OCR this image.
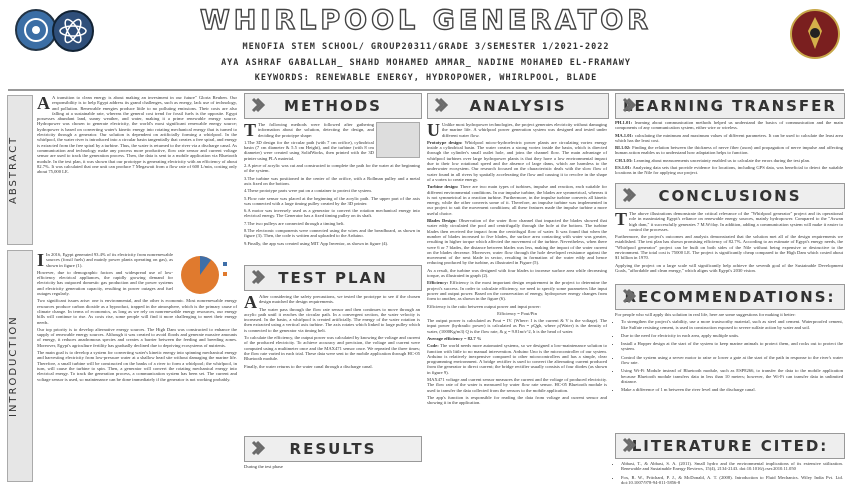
WHIRLPOOL GENERATOR
MENOFIA STEM SCHOOL/ GROUP20311/GRADE 3/SEMESTER 1/2021-2022
AYA ASHRAF GABALLAH_ SHAHD MOHAMED AMMAR_ NADINE MOHAMED EL-FRAMAWY
KEYWORDS: RENEWABLE ENERGY, HYDROPOWER, WHIRLPOOL, BLADE
ABSTRACT
INTRODUCTION

A A transition to clean energy is about making an investment in our future" Gloria Reuben. Our responsibility is to help Egypt address its grand challenges, such as energy, lack use of technology, and pollution. Renewable energies produce little to no polluting emissions. Their costs are also falling at a sustainable rate, whereas the general cost trend for fossil fuels is the opposite. Egypt possesses abundant land, sunny weather, and water, making it a prime renewable energy source. Hydropower was chosen to generate electricity, the world's most significant renewable energy source; hydropower is based on converting water's kinetic energy into rotating mechanical energy that is turned to electricity through a generator. Our solution is dependent on artificially forming a whirlpool. In the whirlpool, the water river is introduced into a circular basin tangentially that creates a free spiral, and energy is extracted from the free spiral by a turbine. Thus, the water is returned to the river via a discharge canal. As communication and technology make any process more productive, flow rate sensor and current voltage sensor are used to track the generation process. Then, the data is sent to a mobile application via Bluetooth module. In the test plan, it was shown that our prototype is generating electricity with an efficiency of about 82.7%. It was calculated that one unit can produce 7 Megawatt from a flow rate of 600 L/min, costing only about 75,000 LE.

I In 2016, Egypt generated 93.4% of its electricity from nonrenewable sources (fossil fuels) and mainly power plants operating on gas), as shown in figure (1).

However, due to demographic factors and widespread use of low-efficiency electrical appliances, the rapidly growing demand for electricity has outpaced domestic gas production and the power systems and electricity generation capacity, resulting in power outages and fuel outages regularly.

Two significant issues arise: one is environmental, and the other is economic. Most nonrenewable energy resources produce carbon dioxide as a byproduct, trapped in the atmosphere, which is the primary cause of climate change. In terms of economics, as long as we rely on nonrenewable energy resources, our energy bills will continue to rise. As costs rise, some people will find it more challenging to meet their energy needs.

Our top priority is to develop alternative energy sources. The High Dam was constructed to enhance the supply of renewable energy sources. Although it was created to avoid floods and generate massive amounts of energy, it reduces anadromous species and creates a barrier between the feeding and breeding zones. Moreover, Egypt's agriculture fertility has gradually declined due to depriving ecosystems of nutrients.

The main goal is to develop a system for converting water's kinetic energy into spinning mechanical energy and harvesting electricity from low-pressure water at a shallow head site without damaging the marine life. Therefore, a small turbine will be constructed on the banks of a river to form a whirlpool; the whirlpool, in turn, will cause the turbine to spin. Then, a generator will convert the rotating mechanical energy into electrical energy. To track the generation process, a communication system has been set. The current and voltage sensor is used, so maintenance can be done immediately if the generator is not working probably.

METHODS

T The following methods were followed after gathering information about the solution, detecting the design, and deciding the prototype shape:

1.The 3D design for the circular path (with 7 cm orifice), cylindrical basin (7 cm diameter & 5.5 cm Height), and the turbine (with 8 cm diameter) were created using SolidWorks, then printed with the 3D printer using PLA material.

2.A piece of acrylic was cut and constructed to complete the path for the water at the beginning of the system.

3.The turbine was positioned in the center of the orifice, with a Rollman pulley and a metal axis fixed on the bottom.

4.These prototype parts were put on a container to protect the system.

5.Flow rate sensor was placed at the beginning of the acrylic path. The upper part of the axis was connected with a large timing pulley created by the 3D printer.

6.A motor was inversely used as a generator to convert the rotation mechanical energy into electrical energy. The Generator has a fixed timing pulley on its shaft.

7.The two pulleys are connected through a timing belt.

8.The electronic components were connected using the wires and the breadboard, as shown in figure (3). Then, the code is written and uploaded to the Arduino.

9.Finally, the app was created using MIT App Inventor, as shown in figure (4).

TEST PLAN

A After considering the safety precautions, we tested the prototype to see if the chosen design matched the design requirements.

The water pass through the flow rate sensor and then continues to move through an acrylic path until it reaches the circular path. In a convergent section, the water velocity is increased. In the basin, a whirlpool is created artificially. The energy of the water rotation is then extracted using a vertical axis turbine. The axis rotates which linked to large pulley which is connected to the generator via timing belt.

To calculate the efficiency, the output power was calculated by knowing the voltage and current of the produced electricity. To achieve accuracy and precision, the voltage and current were computed using a multimeter once and the MAX471 sensor once. We repeated the three times; the flow rate varied in each trial. These data were sent to the mobile application through HC-05 Bluetooth module.

Finally, the water returns to the water canal through a discharge canal.

RESULTS

During the test phase

ANALYSIS

U Unlike most hydropower technologies, the project generates electricity without damaging the marine life. A whirlpool power generation system was designed and tested under different water flow.

Prototype design: Whirlpool micro-hydroelectric power plants are circulating vortex energy inside a cylindrical basin. The water creates a strong vortex inside the basin, which is directed through the cylinder's small outlet hole, and joins the channel flow. The main advantage of whirlpool turbines over large hydropower plants is that they have a low environmental impact due to their low rotational speed and the absence of large dams, which are harmless to the underwater ecosystem. Our research focused on the characteristic deals with the slow flow of water found in all rivers by spatially accelerating the flow and causing it to revolve in the shape of a vortex to create energy.

Turbine design: There are two main types of turbines, impulse and reaction, each suitable for different environmental conditions. In our impulse turbine, the blades are symmetrical, whereas it is not symmetrical in a reaction turbine. Furthermore, in the impulse turbine converts all kinetic energy, while the other converts some of it. Therefore, an impulse turbine was implemented in our project to suit the movement conditions; all these features made the impulse turbine a more useful choice.

Blades Design: Observation of the water flow channel that impacted the blades showed that water eddy circulated the pool and centrifugally through the hole at the bottom. The turbine blades then received the impact from the centrifugal flow of water. It was found that when the number of blades increased to five blades, the surface area contacting with water was greater, resulting in higher torque which affected the movement of the turbine. Nevertheless, when there were 6 or 7 blades, the distance between blades was less, making the impact of the water current on the blades decrease. Moreover, water flow through the hole developed resistance against the movement of the next blade in sector, resulting in formation of the water eddy and hence reducing produced by the turbine, as illustrated in Figure (5).

As a result, the turbine was designed with four blades to increase surface area while decreasing torque, as illustrated in graph (2).

Efficiency: Efficiency is the most important design requirement in the project to determine the project's success. In order to calculate efficiency, we need to specify some parameters like input power and output power. Based on the conservation of energy, hydropower energy changes from form to another, as shown in the figure (6).

Efficiency is the ratio between output power and input power:

Efficiency = Pout/Pin

The output power is calculated as Pout = IV. (Where: I is the current & V is the voltage). The input power (hydraulic power) is calculated as Pin = ρQgh, where ρ(Water) is the density of water, (1000Kg/m3) Q is the flow rate, & g = 9.81m/s^2, h is the head of water.

Average efficiency = 82.7 %

Code: The world needs more automated systems, so we designed a low-maintenance solution to function with little to no manual intervention. Arduino Uno is the microcontroller of our system. Arduino is relatively inexpensive compared to other microcontrollers and has a simple, clear programming environment. A bridge rectifier is used to convert the alternating current produced from the generator to direct current; the bridge rectifier usually consists of four diodes (as shown in figure 9).

MAX471 voltage and current sensor measures the current and the voltage of produced electricity. The flow rate of the water is measured by water flow rate sensor. HC-05 Bluetooth module is used to transfer the data collected from the sensors to the mobile application.

The app's function is responsible for reading the data from voltage and current sensor and showing it in the application.

LEARNING TRANSFER

PH.1.01: learning about communication methods helped us understand the basics of communication and the main components of any communication system, either wire or wireless.

MA.1.01: calculating the minimum and maximum values of different parameters. It can be used to calculate the least area which has the least cost.

BI.1.02: Finding the relation between the thickness of nerve fiber (axon) and propagation of nerve impulse and affecting human action enables us to understand how adaptation helps to function.

CH.3.03: Learning about measurements uncertainty enabled us to calculate the errors during the test plan.

ES.1.01: Analyzing data sets that provide evidence for locations, including GPS data, was beneficial to detect the suitable locations in the Nile for applying our project.

CONCLUSIONS

T The above illustrations demonstrate the critical relevance of the "Whirlpool generator" project and its operational role in maximizing Egypt's reliance on renewable energy sources, mainly hydropower. Compared to the "Aswan high dam," it successfully generates 7 M.W/day. In addition, adding a communication system will make it easier to control the processes.

Furthermore, the project's outcomes and analysis demonstrated that the solution met all of the design requirements we established. The test plan has shown promising efficiency of 82.7%. According to an estimate of Egypt's energy needs, the "Whirlpool generator" project can be built on both sides of the Nile without being expensive or destructive to the environment. The total cost is 75000 LE. The project is significantly cheap compared to the High Dam which costed about $1 billion in 1970.

Applying the project on a large scale will significantly help achieve the seventh goal of the Sustainable Development Goals, "affordable and clean energy," which aligns with Egypt's 2030 vision.

RECOMMENDATIONS:

For people who will apply this solution in real life, here are some suggestions for making it better:

• To strengthen the project's stability, use a more trustworthy material, such as steel and cement. Waterproofed cement, like Sulfate resisting cement, is used in construction exposed to severe sulfate action by water and soil.
• Due to the need for electricity in each area, apply multiple units.
• Install a Hopper design at the start of the system to keep marine animals to protect them, and rocks out to protect the system.
• Control the system using a server motor to raise or lower a gate at the start of the path in response to the river's water flow rate.
• Using Wi-Fi Module instead of Bluetooth module, such as ESP8266, to transfer the data to the mobile application because Bluetooth module transfers data in less than 10 meters; however, the Wi-Fi can transfer data in unlimited distance.
• Make a difference of 1 m between the river level and the discharge canal.
LITERATURE CITED:
• Abbasi, T., & Abbasi, S. A. (2011). Small hydro and the environmental implications of its extensive utilization. Renewable and Sustainable Energy Reviews, 15(4), 2134-2143. doi:10.1016/j.rser.2010.11.050
• Fox, R. W., Pritchard, P. J., & McDonald, A. T. (2008). Introduction to Fluid Mechanics. Wiley India Pvt. Ltd. doi:10.1007/978-94-011-5856-8
